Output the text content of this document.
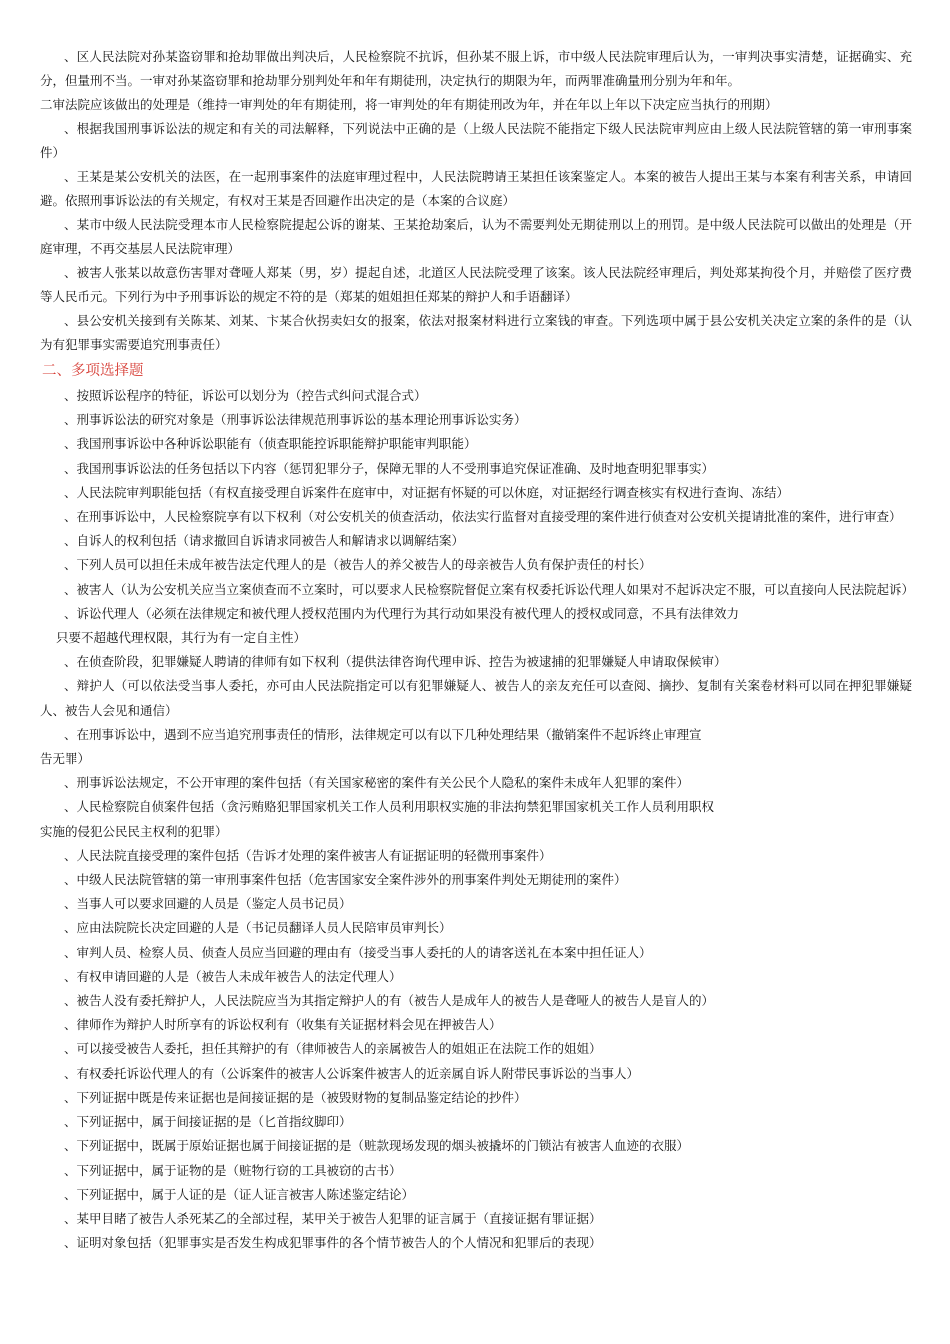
、区人民法院对孙某盗窃罪和抢劫罪做出判决后，人民检察院不抗诉，但孙某不服上诉，市中级人民法院审理后认为，一审判决事实清楚，证据确实、充分，但量刑不当。一审对孙某盗窃罪和抢劫罪分别判处年和年有期徒刑，决定执行的期限为年，而两罪准确量刑分别为年和年。
二审法院应该做出的处理是（维持一审判处的年有期徒刑，将一审判处的年有期徒刑改为年，并在年以上年以下决定应当执行的刑期）
、根据我国刑事诉讼法的规定和有关的司法解释，下列说法中正确的是（上级人民法院不能指定下级人民法院审判应由上级人民法院管辖的第一审刑事案件）
、王某是某公安机关的法医，在一起刑事案件的法庭审理过程中，人民法院聘请王某担任该案鉴定人。本案的被告人提出王某与本案有利害关系，申请回避。依照刑事诉讼法的有关规定，有权对王某是否回避作出决定的是（本案的合议庭）
、某市中级人民法院受理本市人民检察院提起公诉的谢某、王某抢劫案后，认为不需要判处无期徒刑以上的刑罚。是中级人民法院可以做出的处理是（开庭审理，不再交基层人民法院审理）
、被害人张某以故意伤害罪对聋哑人郑某（男，岁）提起自述，北道区人民法院受理了该案。该人民法院经审理后，判处郑某拘役个月，并赔偿了医疗费等人民币元。下列行为中予刑事诉讼的规定不符的是（郑某的姐姐担任郑某的辩护人和手语翻译）
、县公安机关接到有关陈某、刘某、卞某合伙拐卖妇女的报案，依法对报案材料进行立案钱的审查。下列选项中属于县公安机关决定立案的条件的是（认为有犯罪事实需要追究刑事责任）
二、多项选择题
、按照诉讼程序的特征，诉讼可以划分为（控告式纠问式混合式）
、刑事诉讼法的研究对象是（刑事诉讼法律规范刑事诉讼的基本理论刑事诉讼实务）
、我国刑事诉讼中各种诉讼职能有（侦查职能控诉职能辩护职能审判职能）
、我国刑事诉讼法的任务包括以下内容（惩罚犯罪分子，保障无罪的人不受刑事追究保证准确、及时地查明犯罪事实）
、人民法院审判职能包括（有权直接受理自诉案件在庭审中，对证据有怀疑的可以休庭，对证据经行调查核实有权进行查询、冻结）
、在刑事诉讼中，人民检察院享有以下权利（对公安机关的侦查活动，依法实行监督对直接受理的案件进行侦查对公安机关提请批准的案件，进行审查）
、自诉人的权利包括（请求撤回自诉请求同被告人和解请求以调解结案）
、下列人员可以担任未成年被告法定代理人的是（被告人的养父被告人的母亲被告人负有保护责任的村长）
、被害人（认为公安机关应当立案侦查而不立案时，可以要求人民检察院督促立案有权委托诉讼代理人如果对不起诉决定不服，可以直接向人民法院起诉）
、诉讼代理人（必须在法律规定和被代理人授权范围内为代理行为其行动如果没有被代理人的授权或同意，不具有法律效力
只要不超越代理权限，其行为有一定自主性）
、在侦查阶段，犯罪嫌疑人聘请的律师有如下权利（提供法律咨询代理申诉、控告为被逮捕的犯罪嫌疑人申请取保候审）
、辩护人（可以依法受当事人委托，亦可由人民法院指定可以有犯罪嫌疑人、被告人的亲友充任可以查阅、摘抄、复制有关案卷材料可以同在押犯罪嫌疑人、被告人会见和通信）
、在刑事诉讼中，遇到不应当追究刑事责任的情形，法律规定可以有以下几种处理结果（撤销案件不起诉终止审理宣
告无罪）
、刑事诉讼法规定，不公开审理的案件包括（有关国家秘密的案件有关公民个人隐私的案件未成年人犯罪的案件）
、人民检察院自侦案件包括（贪污贿赂犯罪国家机关工作人员利用职权实施的非法拘禁犯罪国家机关工作人员利用职权
实施的侵犯公民民主权利的犯罪）
、人民法院直接受理的案件包括（告诉才处理的案件被害人有证据证明的轻微刑事案件）
、中级人民法院管辖的第一审刑事案件包括（危害国家安全案件涉外的刑事案件判处无期徒刑的案件）
、当事人可以要求回避的人员是（鉴定人员书记员）
、应由法院院长决定回避的人是（书记员翻译人员人民陪审员审判长）
、审判人员、检察人员、侦查人员应当回避的理由有（接受当事人委托的人的请客送礼在本案中担任证人）
、有权申请回避的人是（被告人未成年被告人的法定代理人）
、被告人没有委托辩护人，人民法院应当为其指定辩护人的有（被告人是成年人的被告人是聋哑人的被告人是盲人的）
、律师作为辩护人时所享有的诉讼权利有（收集有关证据材料会见在押被告人）
、可以接受被告人委托，担任其辩护的有（律师被告人的亲属被告人的姐姐正在法院工作的姐姐）
、有权委托诉讼代理人的有（公诉案件的被害人公诉案件被害人的近亲属自诉人附带民事诉讼的当事人）
、下列证据中既是传来证据也是间接证据的是（被毁财物的复制品鉴定结论的抄件）
、下列证据中，属于间接证据的是（匕首指纹脚印）
、下列证据中，既属于原始证据也属于间接证据的是（赃款现场发现的烟头被撬坏的门锁沾有被害人血迹的衣服）
、下列证据中，属于证物的是（赃物行窃的工具被窃的古书）
、下列证据中，属于人证的是（证人证言被害人陈述鉴定结论）
、某甲目睹了被告人杀死某乙的全部过程，某甲关于被告人犯罪的证言属于（直接证据有罪证据）
、证明对象包括（犯罪事实是否发生构成犯罪事件的各个情节被告人的个人情况和犯罪后的表现）
